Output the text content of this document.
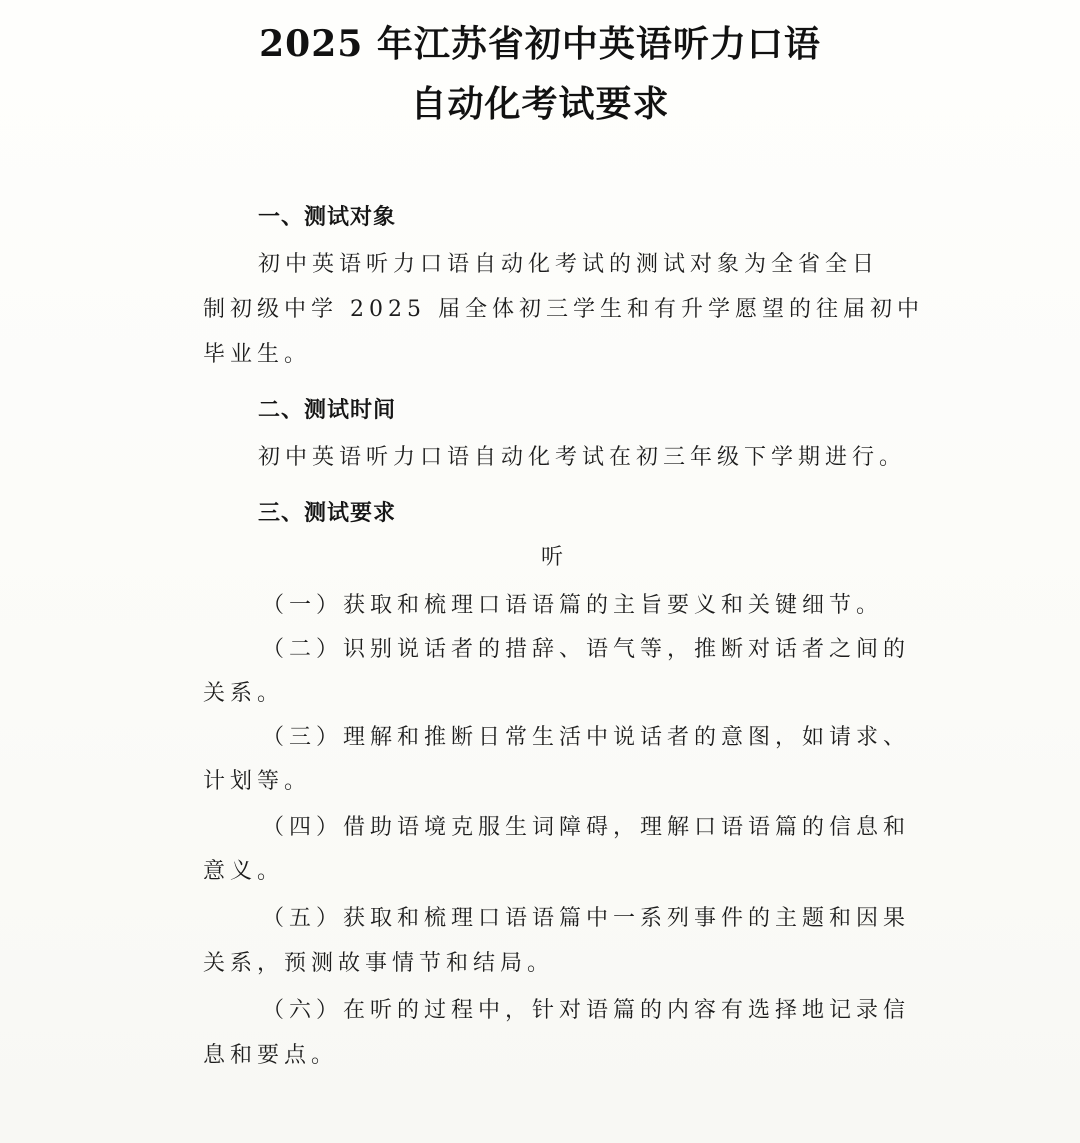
2025 年江苏省初中英语听力口语
自动化考试要求
一、测试对象
初中英语听力口语自动化考试的测试对象为全省全日
制初级中学 2025 届全体初三学生和有升学愿望的往届初中
毕业生。
二、测试时间
初中英语听力口语自动化考试在初三年级下学期进行。
三、测试要求
听
（一）获取和梳理口语语篇的主旨要义和关键细节。
（二）识别说话者的措辞、语气等，推断对话者之间的
关系。
（三）理解和推断日常生活中说话者的意图，如请求、
计划等。
（四）借助语境克服生词障碍，理解口语语篇的信息和
意义。
（五）获取和梳理口语语篇中一系列事件的主题和因果
关系，预测故事情节和结局。
（六）在听的过程中，针对语篇的内容有选择地记录信
息和要点。
